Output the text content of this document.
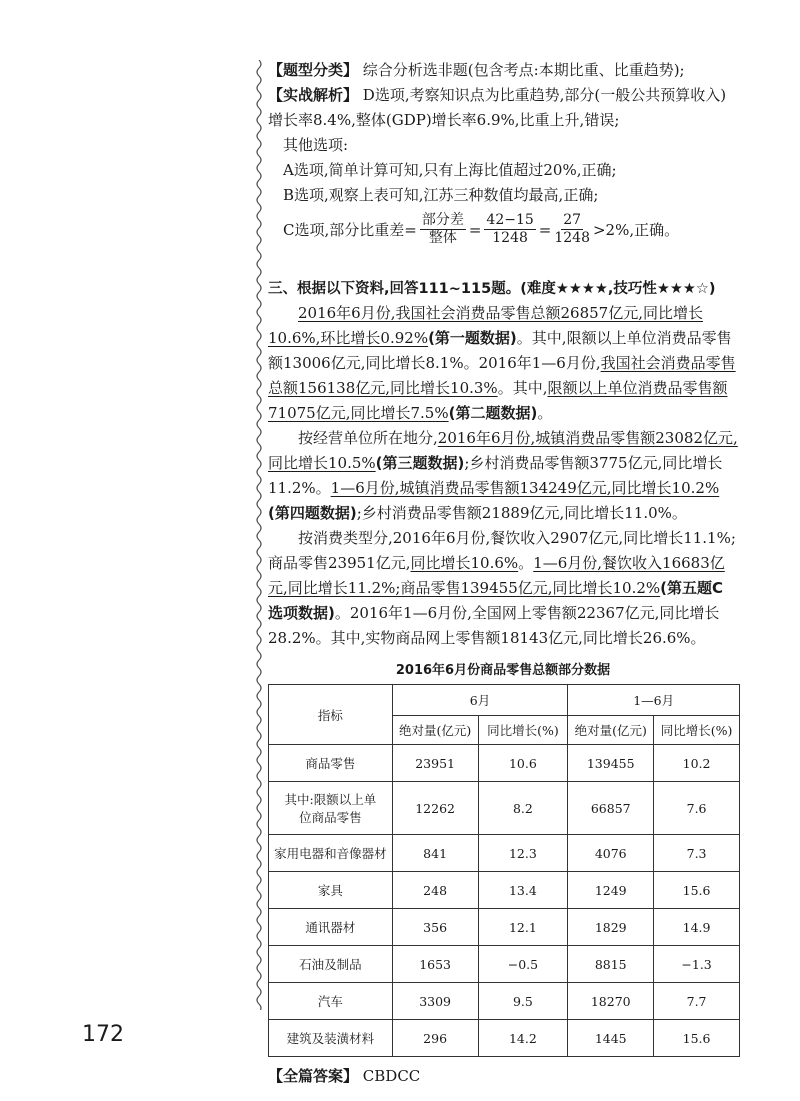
【题型分类】 综合分析选非题(包含考点:本期比重、比重趋势);

【实战解析】 D选项,考察知识点为比重趋势,部分(一般公共预算收入)增长率8.4%,整体(GDP)增长率6.9%,比重上升,错误;

其他选项:

A选项,简单计算可知,只有上海比值超过20%,正确;

B选项,观察上表可知,江苏三种数值均最高,正确;

C选项,部分比重差= $\frac{\text{部分差}}{\text{整体}} = \frac{42-15}{1248} = \frac{27}{1248} >2\%$,正确。
三、根据以下资料,回答111~115题。(难度★★★★,技巧性★★★☆)

2016年6月份,我国社会消费品零售总额26857亿元,同比增长10.6%,环比增长0.92%(第一题数据)。其中,限额以上单位消费品零售额13006亿元,同比增长8.1%。2016年1—6月份,我国社会消费品零售总额156138亿元,同比增长10.3%。其中,限额以上单位消费品零售额71075亿元,同比增长7.5%(第二题数据)。

按经营单位所在地分,2016年6月份,城镇消费品零售额23082亿元,同比增长10.5%(第三题数据);乡村消费品零售额3775亿元,同比增长11.2%。1—6月份,城镇消费品零售额134249亿元,同比增长10.2%(第四题数据);乡村消费品零售额21889亿元,同比增长11.0%。

按消费类型分,2016年6月份,餐饮收入2907亿元,同比增长11.1%;商品零售23951亿元,同比增长10.6%。1—6月份,餐饮收入16683亿元,同比增长11.2%;商品零售139455亿元,同比增长10.2%(第五题C选项数据)。2016年1—6月份,全国网上零售额22367亿元,同比增长28.2%。其中,实物商品网上零售额18143亿元,同比增长26.6%。

2016年6月份商品零售总额部分数据
指标	6月		1—6月	
	绝对量(亿元)	同比增长(%)	绝对量(亿元)	同比增长(%)
商品零售	23951	10.6	139455	10.2
其中:限额以上单位商品零售	12262	8.2	66857	7.6
家用电器和音像器材	841	12.3	4076	7.3
家具	248	13.4	1249	15.6
通讯器材	356	12.1	1829	14.9
石油及制品	1653	−0.5	8815	−1.3
汽车	3309	9.5	18270	7.7
建筑及装潢材料	296	14.2	1445	15.6

【全篇答案】 CBDCC

172
